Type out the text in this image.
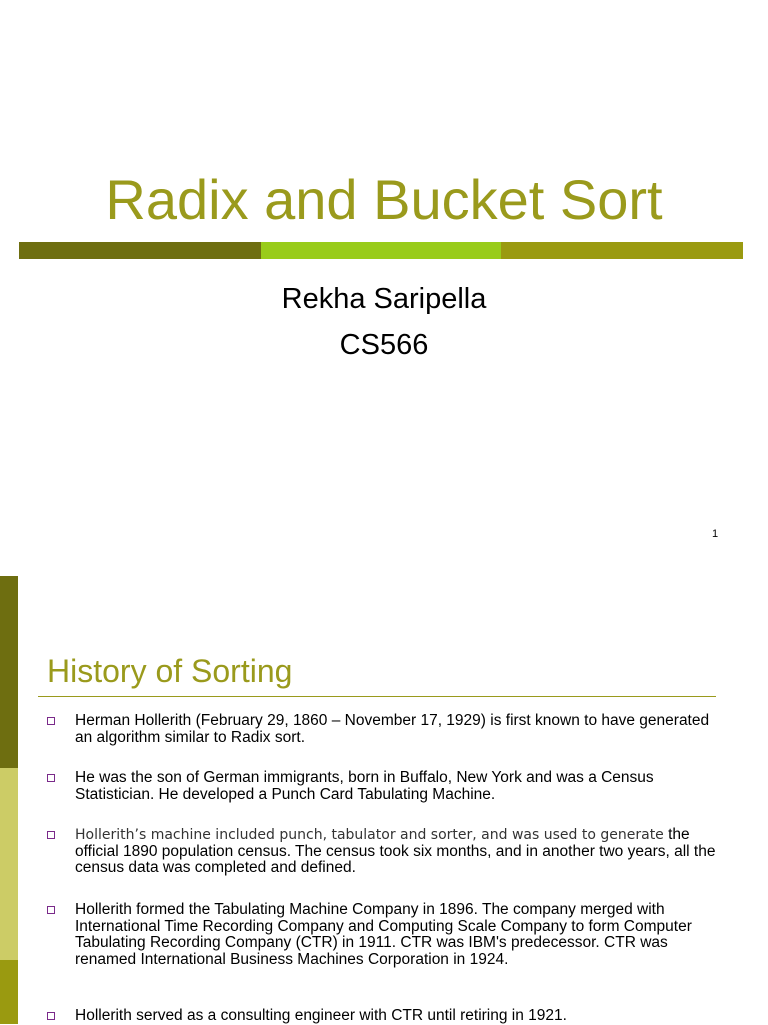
Radix and Bucket Sort
Rekha Saripella
CS566
1
History of Sorting
Herman Hollerith (February 29, 1860 – November 17, 1929) is first known to have generated an algorithm similar to Radix sort.
He was the son of German immigrants, born in Buffalo, New York and was a Census Statistician. He developed a Punch Card Tabulating Machine.
Hollerith’s machine included punch, tabulator and sorter, and was used to generate the official 1890 population census. The census took six months, and in another two years, all the census data was completed and defined.
Hollerith formed the Tabulating Machine Company in 1896. The company merged with International Time Recording Company and Computing Scale Company to form Computer Tabulating Recording Company (CTR) in 1911. CTR was IBM's predecessor. CTR was renamed International Business Machines Corporation in 1924.
Hollerith served as a consulting engineer with CTR until retiring in 1921.
